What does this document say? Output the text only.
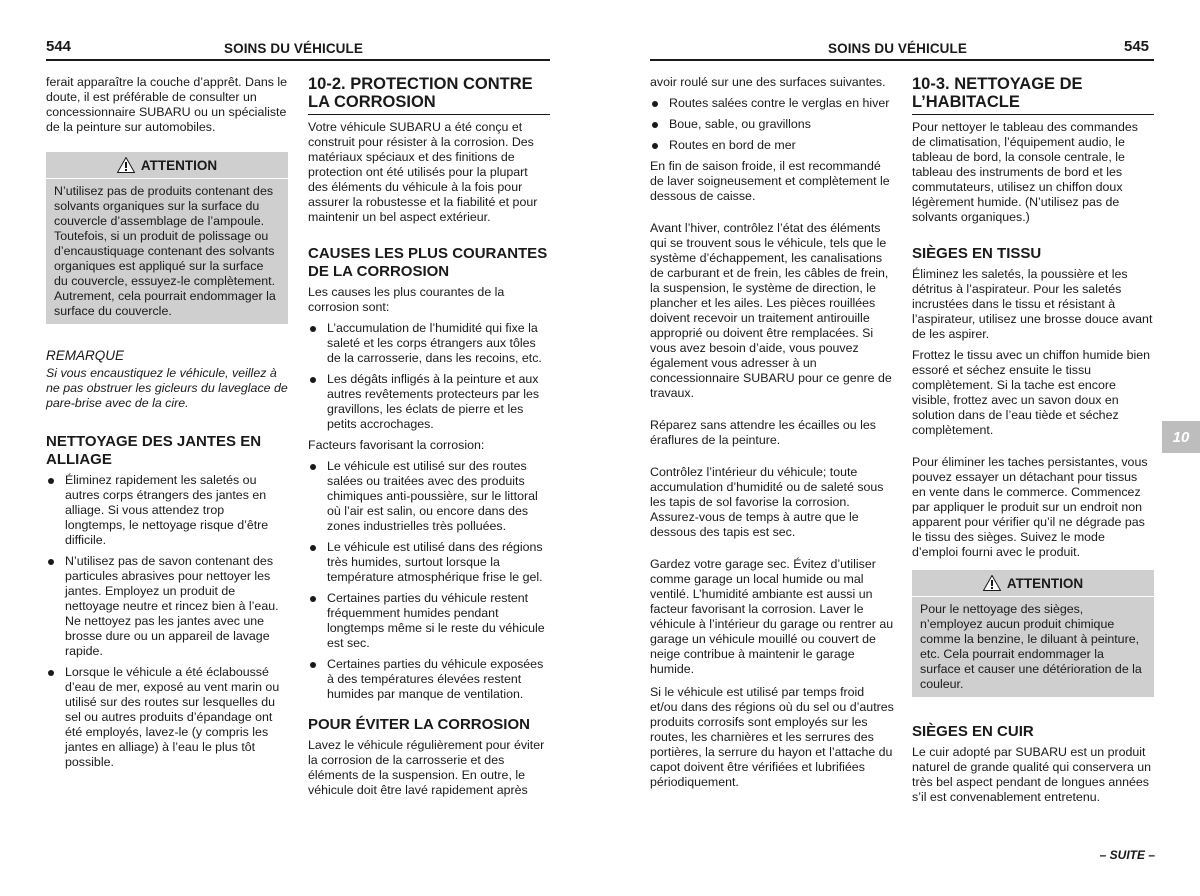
544	SOINS DU VÉHICULE	SOINS DU VÉHICULE	545

ferait apparaître la couche d’apprêt. Dans le doute, il est préférable de consulter un concessionnaire SUBARU ou un spécialiste de la peinture sur automobiles.

ATTENTION
N’utilisez pas de produits contenant des solvants organiques sur la surface du couvercle d’assemblage de l’ampoule. Toutefois, si un produit de polissage ou d’encaustiquage contenant des solvants organiques est appliqué sur la surface du couvercle, essuyez-le complètement. Autrement, cela pourrait endommager la surface du couvercle.
REMARQUE

Si vous encaustiquez le véhicule, veillez à ne pas obstruer les gicleurs du laveglace de pare-brise avec de la cire.

NETTOYAGE DES JANTES EN ALLIAGE
Éliminez rapidement les saletés ou autres corps étrangers des jantes en alliage. Si vous attendez trop longtemps, le nettoyage risque d’être difficile.
N’utilisez pas de savon contenant des particules abrasives pour nettoyer les jantes. Employez un produit de nettoyage neutre et rincez bien à l’eau. Ne nettoyez pas les jantes avec une brosse dure ou un appareil de lavage rapide.
Lorsque le véhicule a été éclaboussé d’eau de mer, exposé au vent marin ou utilisé sur des routes sur lesquelles du sel ou autres produits d’épandage ont été employés, lavez-le (y compris les jantes en alliage) à l’eau le plus tôt possible.
10-2. PROTECTION CONTRE LA CORROSION

Votre véhicule SUBARU a été conçu et construit pour résister à la corrosion. Des matériaux spéciaux et des finitions de protection ont été utilisés pour la plupart des éléments du véhicule à la fois pour assurer la robustesse et la fiabilité et pour maintenir un bel aspect extérieur.

CAUSES LES PLUS COURANTES DE LA CORROSION

Les causes les plus courantes de la corrosion sont:

L’accumulation de l’humidité qui fixe la saleté et les corps étrangers aux tôles de la carrosserie, dans les recoins, etc.
Les dégâts infligés à la peinture et aux autres revêtements protecteurs par les gravillons, les éclats de pierre et les petits accrochages.

Facteurs favorisant la corrosion:

Le véhicule est utilisé sur des routes salées ou traitées avec des produits chimiques anti-poussière, sur le littoral où l’air est salin, ou encore dans des zones industrielles très polluées.
Le véhicule est utilisé dans des régions très humides, surtout lorsque la température atmosphérique frise le gel.
Certaines parties du véhicule restent fréquemment humides pendant longtemps même si le reste du véhicule est sec.
Certaines parties du véhicule exposées à des températures élevées restent humides par manque de ventilation.
POUR ÉVITER LA CORROSION

Lavez le véhicule régulièrement pour éviter la corrosion de la carrosserie et des éléments de la suspension. En outre, le véhicule doit être lavé rapidement après

avoir roulé sur une des surfaces suivantes.

Routes salées contre le verglas en hiver
Boue, sable, ou gravillons
Routes en bord de mer

En fin de saison froide, il est recommandé de laver soigneusement et complètement le dessous de caisse.

Avant l’hiver, contrôlez l’état des éléments qui se trouvent sous le véhicule, tels que le système d’échappement, les canalisations de carburant et de frein, les câbles de frein, la suspension, le système de direction, le plancher et les ailes. Les pièces rouillées doivent recevoir un traitement antirouille approprié ou doivent être remplacées. Si vous avez besoin d’aide, vous pouvez également vous adresser à un concessionnaire SUBARU pour ce genre de travaux.

Réparez sans attendre les écailles ou les éraflures de la peinture.

Contrôlez l’intérieur du véhicule; toute accumulation d’humidité ou de saleté sous les tapis de sol favorise la corrosion. Assurez-vous de temps à autre que le dessous des tapis est sec.

Gardez votre garage sec. Évitez d’utiliser comme garage un local humide ou mal ventilé. L’humidité ambiante est aussi un facteur favorisant la corrosion. Laver le véhicule à l’intérieur du garage ou rentrer au garage un véhicule mouillé ou couvert de neige contribue à maintenir le garage humide.

Si le véhicule est utilisé par temps froid et/ou dans des régions où du sel ou d’autres produits corrosifs sont employés sur les routes, les charnières et les serrures des portières, la serrure du hayon et l’attache du capot doivent être vérifiées et lubrifiées périodiquement.

10-3. NETTOYAGE DE L’HABITACLE

Pour nettoyer le tableau des commandes de climatisation, l’équipement audio, le tableau de bord, la console centrale, le tableau des instruments de bord et les commutateurs, utilisez un chiffon doux légèrement humide. (N’utilisez pas de solvants organiques.)

SIÈGES EN TISSU

Éliminez les saletés, la poussière et les détritus à l’aspirateur. Pour les saletés incrustées dans le tissu et résistant à l’aspirateur, utilisez une brosse douce avant de les aspirer.

Frottez le tissu avec un chiffon humide bien essoré et séchez ensuite le tissu complètement. Si la tache est encore visible, frottez avec un savon doux en solution dans de l’eau tiède et séchez complètement.

Pour éliminer les taches persistantes, vous pouvez essayer un détachant pour tissus en vente dans le commerce. Commencez par appliquer le produit sur un endroit non apparent pour vérifier qu’il ne dégrade pas le tissu des sièges. Suivez le mode d’emploi fourni avec le produit.

ATTENTION
Pour le nettoyage des sièges, n’employez aucun produit chimique comme la benzine, le diluant à peinture, etc. Cela pourrait endommager la surface et causer une détérioration de la couleur.
SIÈGES EN CUIR

Le cuir adopté par SUBARU est un produit naturel de grande qualité qui conservera un très bel aspect pendant de longues années s’il est convenablement entretenu.

10
– SUITE –
